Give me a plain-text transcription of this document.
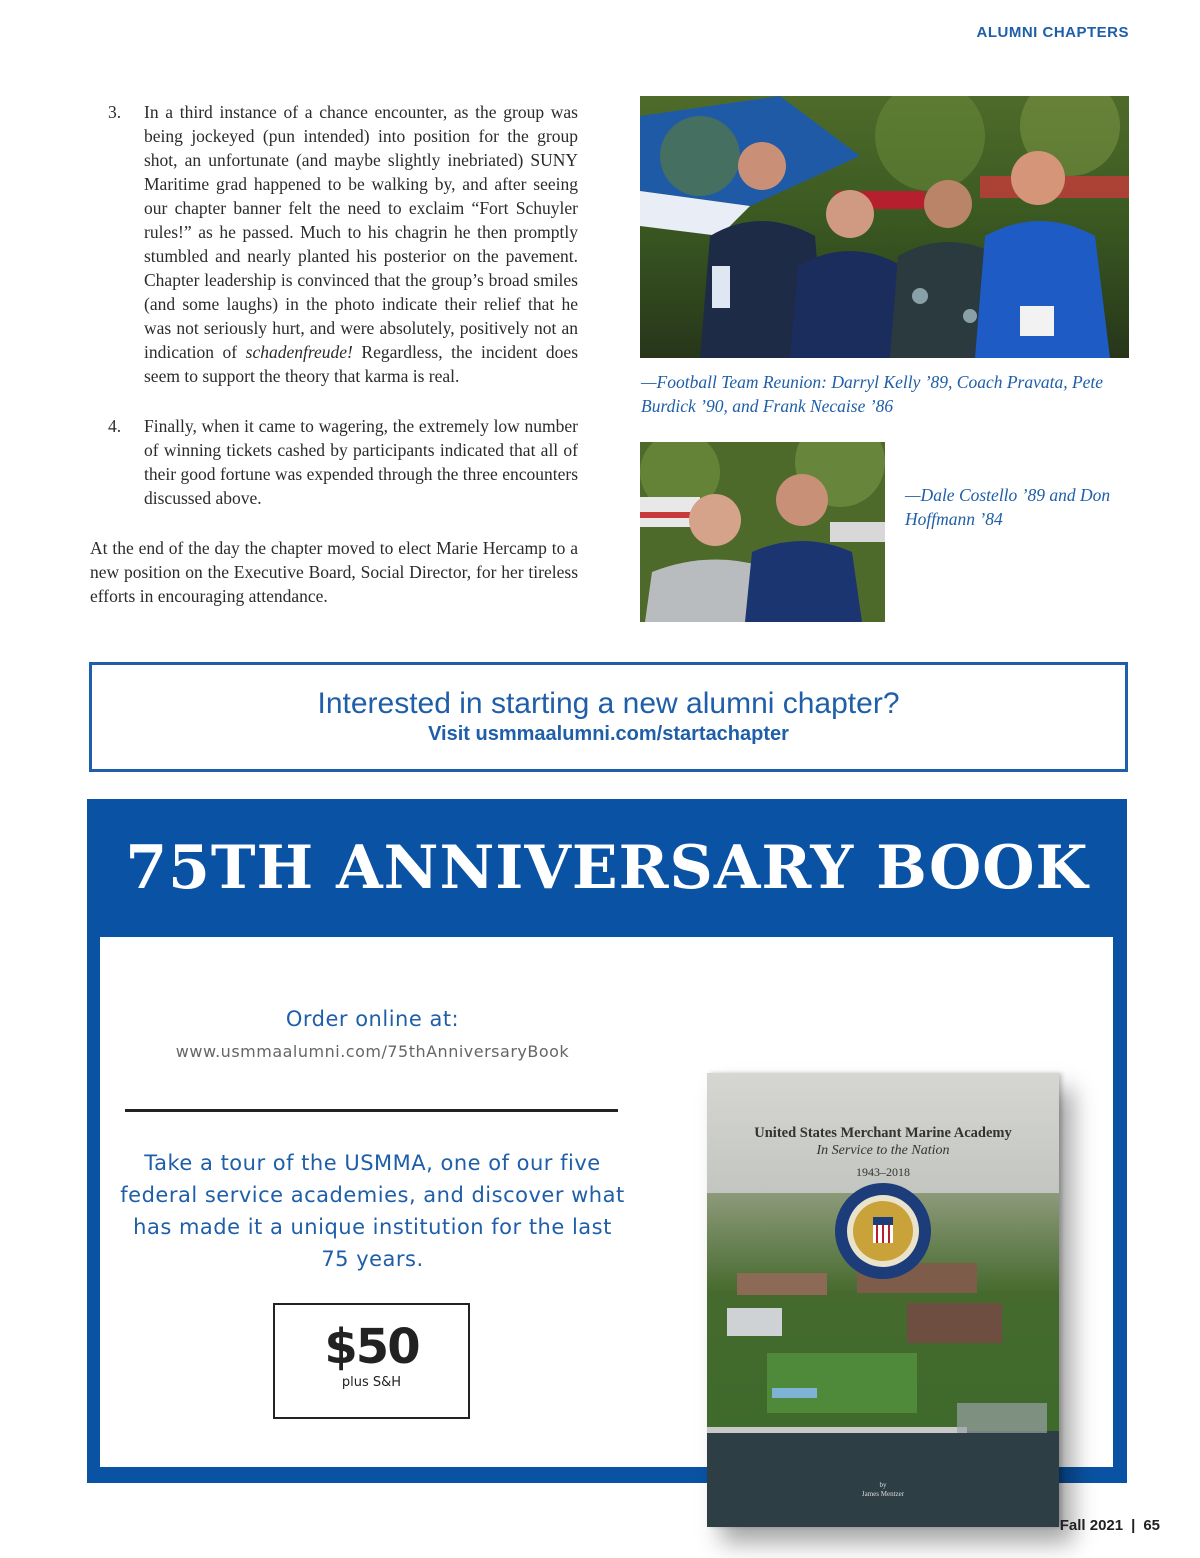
ALUMNI CHAPTERS
3. In a third instance of a chance encounter, as the group was being jockeyed (pun intended) into position for the group shot, an unfortunate (and maybe slightly inebriated) SUNY Maritime grad happened to be walking by, and after seeing our chapter banner felt the need to exclaim “Fort Schuyler rules!” as he passed. Much to his chagrin he then promptly stumbled and nearly planted his posterior on the pavement. Chapter leadership is convinced that the group’s broad smiles (and some laughs) in the photo indicate their relief that he was not seriously hurt, and were absolutely, positively not an indication of schadenfreude! Regardless, the incident does seem to support the theory that karma is real.
4. Finally, when it came to wagering, the extremely low number of winning tickets cashed by participants indicated that all of their good fortune was expended through the three encounters discussed above.

At the end of the day the chapter moved to elect Marie Hercamp to a new position on the Executive Board, Social Director, for her tireless efforts in encouraging attendance.

—Football Team Reunion: Darryl Kelly ’89, Coach Pravata, Pete Burdick ’90, and Frank Necaise ’86
—Dale Costello ’89 and Don Hoffmann ’84
Interested in starting a new alumni chapter?
Visit usmmaalumni.com/startachapter
75TH ANNIVERSARY BOOK
Order online at:
www.usmmaalumni.com/75thAnniversaryBook
Take a tour of the USMMA, one of our five federal service academies, and discover what has made it a unique institution for the last 75 years.
$50
plus S&H
United States Merchant Marine Academy
In Service to the Nation
1943–2018
by
James Mentzer
Fall 2021 | 65
